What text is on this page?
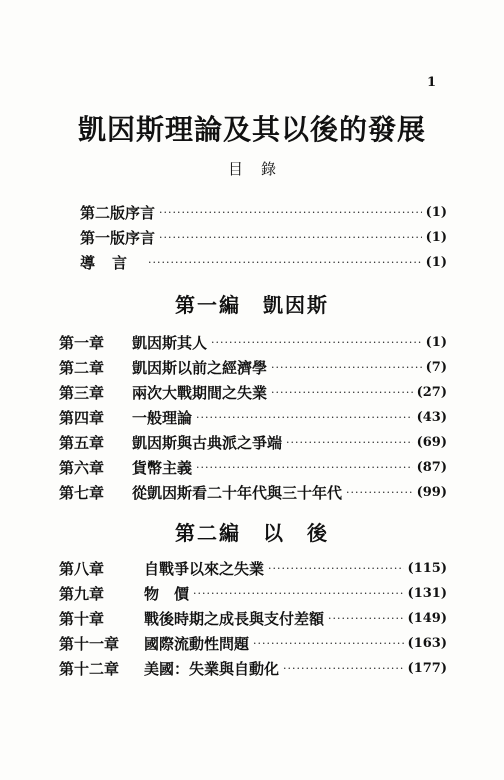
1
凱因斯理論及其以後的發展
目錄
第二版序言 ·····	(1)
第一版序言 ·····	(1)
導言 ·····	(1)
第一編　凱因斯
第一章	凱因斯其人 ·····	(1)
第二章	凱因斯以前之經濟學 ·····	(7)
第三章	兩次大戰期間之失業 ·····	(27)
第四章	一般理論 ·····	(43)
第五章	凱因斯與古典派之爭端 ·····	(69)
第六章	貨幣主義 ·····	(87)
第七章	從凱因斯看二十年代與三十年代 ·····	(99)
第二編　以　後
第八章	自戰爭以來之失業 ·····	(115)
第九章	物　價 ·····	(131)
第十章	戰後時期之成長與支付差額 ·····	(149)
第十一章	國際流動性問題 ·····	(163)
第十二章	美國：失業與自動化 ·····	(177)
